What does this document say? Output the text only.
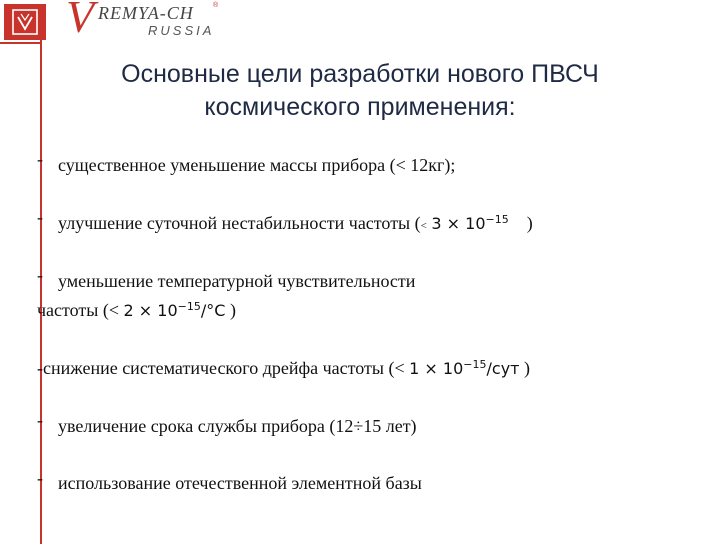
V REMYA-CH	®
RUSSIA
Основные цели разработки нового ПВСЧ
космического применения:
- существенное уменьшение массы прибора (< 12кг);
- улучшение суточной нестабильности частоты (< $3 \times 10^{-15}$ )
- уменьшение температурной чувствительности
частоты (< $2 \times 10^{-15}/^\circ C$ )
-снижение систематического дрейфа частоты (< $1 \times 10^{-15}$/сут )
- увеличение срока службы прибора (12÷15 лет)
- использование отечественной элементной базы
